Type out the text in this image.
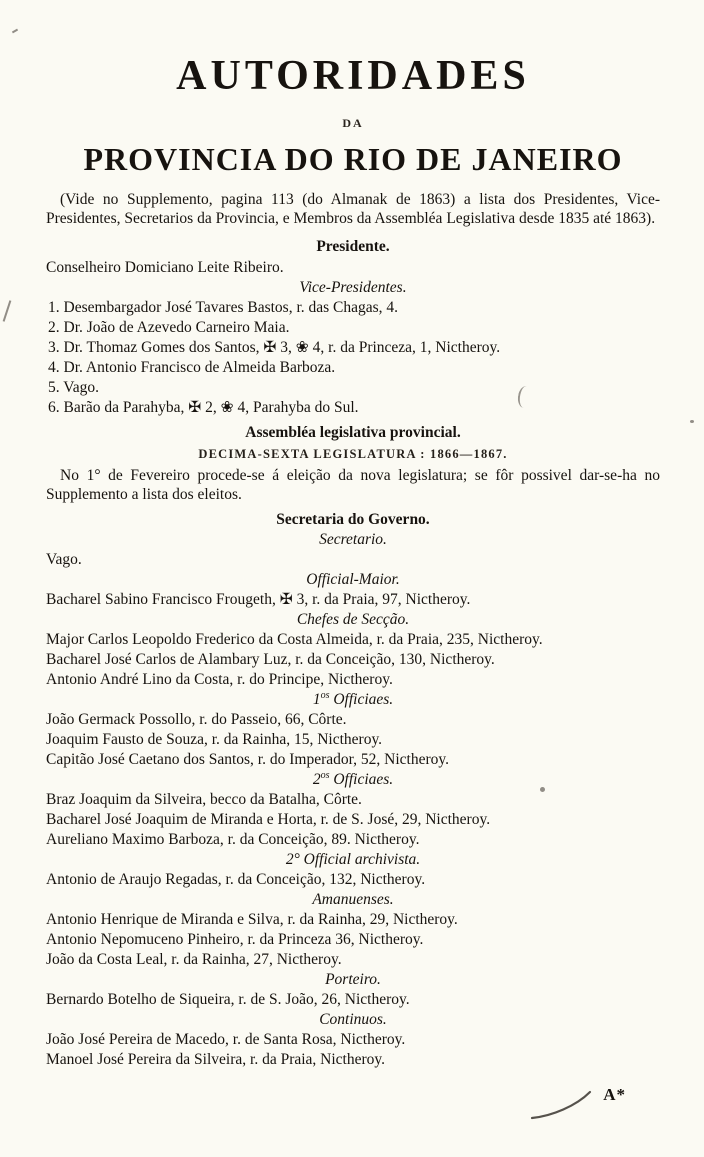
AUTORIDADES
DA
PROVINCIA DO RIO DE JANEIRO

(Vide no Supplemento, pagina 113 (do Almanak de 1863) a lista dos Presidentes, Vice-Presidentes, Secretarios da Provincia, e Membros da Assembléa Legislativa desde 1835 até 1863).

Presidente.

Conselheiro Domiciano Leite Ribeiro.

Vice-Presidentes.

1. Desembargador José Tavares Bastos, r. das Chagas, 4.

2. Dr. João de Azevedo Carneiro Maia.

3. Dr. Thomaz Gomes dos Santos, ✠ 3, ❀ 4, r. da Princeza, 1, Nictheroy.

4. Dr. Antonio Francisco de Almeida Barboza.

5. Vago.

6. Barão da Parahyba, ✠ 2, ❀ 4, Parahyba do Sul.

Assembléa legislativa provincial.
DECIMA-SEXTA LEGISLATURA : 1866—1867.

No 1° de Fevereiro procede-se á eleição da nova legislatura; se fôr possivel dar-se-ha no Supplemento a lista dos eleitos.

Secretaria do Governo.
Secretario.

Vago.

Official-Maior.

Bacharel Sabino Francisco Frougeth, ✠ 3, r. da Praia, 97, Nictheroy.

Chefes de Secção.

Major Carlos Leopoldo Frederico da Costa Almeida, r. da Praia, 235, Nictheroy.

Bacharel José Carlos de Alambary Luz, r. da Conceição, 130, Nictheroy.

Antonio André Lino da Costa, r. do Principe, Nictheroy.

$1^{os}$ Officiaes.

João Germack Possollo, r. do Passeio, 66, Côrte.

Joaquim Fausto de Souza, r. da Rainha, 15, Nictheroy.

Capitão José Caetano dos Santos, r. do Imperador, 52, Nictheroy.

$2^{os}$ Officiaes.

Braz Joaquim da Silveira, becco da Batalha, Côrte.

Bacharel José Joaquim de Miranda e Horta, r. de S. José, 29, Nictheroy.

Aureliano Maximo Barboza, r. da Conceição, 89. Nictheroy.

2° Official archivista.

Antonio de Araujo Regadas, r. da Conceição, 132, Nictheroy.

Amanuenses.

Antonio Henrique de Miranda e Silva, r. da Rainha, 29, Nictheroy.

Antonio Nepomuceno Pinheiro, r. da Princeza 36, Nictheroy.

João da Costa Leal, r. da Rainha, 27, Nictheroy.

Porteiro.

Bernardo Botelho de Siqueira, r. de S. João, 26, Nictheroy.

Continuos.

João José Pereira de Macedo, r. de Santa Rosa, Nictheroy.

Manoel José Pereira da Silveira, r. da Praia, Nictheroy.

A*
